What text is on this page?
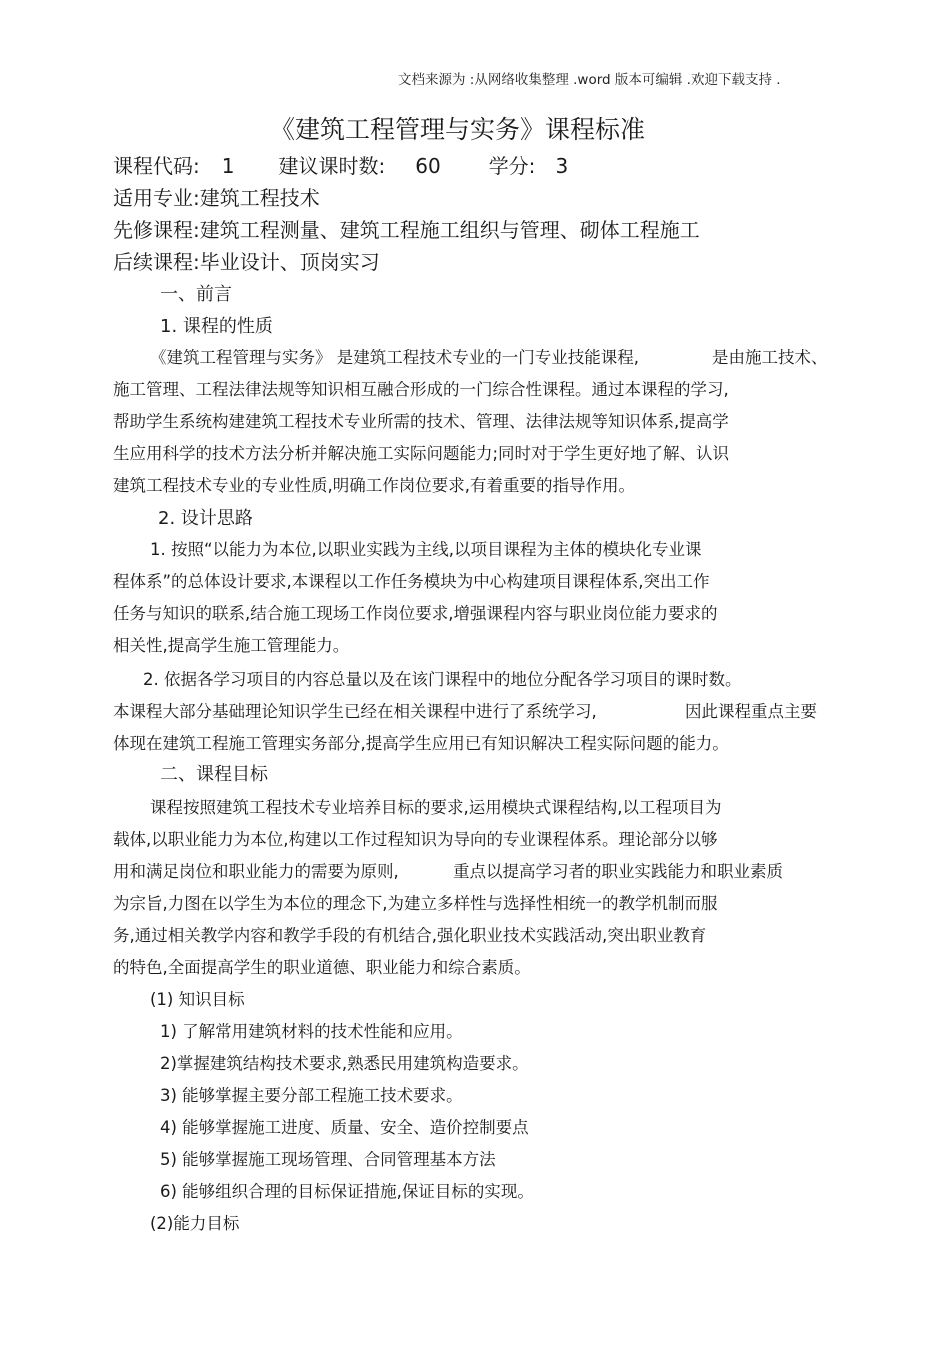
文档来源为 :从网络收集整理 .word 版本可编辑 .欢迎下载支持 .
《建筑工程管理与实务》课程标准
课程代码: 1 建议课时数: 60 学分: 3
适用专业:建筑工程技术
先修课程:建筑工程测量、建筑工程施工组织与管理、砌体工程施工
后续课程:毕业设计、顶岗实习
一、前言
1. 课程的性质
《建筑工程管理与实务》 是建筑工程技术专业的一门专业技能课程,	是由施工技术、
施工管理、工程法律法规等知识相互融合形成的一门综合性课程。通过本课程的学习,
帮助学生系统构建建筑工程技术专业所需的技术、管理、法律法规等知识体系,提高学
生应用科学的技术方法分析并解决施工实际问题能力;同时对于学生更好地了解、认识
建筑工程技术专业的专业性质,明确工作岗位要求,有着重要的指导作用。
2. 设计思路
1. 按照“以能力为本位,以职业实践为主线,以项目课程为主体的模块化专业课
程体系”的总体设计要求,本课程以工作任务模块为中心构建项目课程体系,突出工作
任务与知识的联系,结合施工现场工作岗位要求,增强课程内容与职业岗位能力要求的
相关性,提高学生施工管理能力。
2. 依据各学习项目的内容总量以及在该门课程中的地位分配各学习项目的课时数。
本课程大部分基础理论知识学生已经在相关课程中进行了系统学习,	因此课程重点主要
体现在建筑工程施工管理实务部分,提高学生应用已有知识解决工程实际问题的能力。
二、课程目标
课程按照建筑工程技术专业培养目标的要求,运用模块式课程结构,以工程项目为
载体,以职业能力为本位,构建以工作过程知识为导向的专业课程体系。理论部分以够
用和满足岗位和职业能力的需要为原则,	重点以提高学习者的职业实践能力和职业素质
为宗旨,力图在以学生为本位的理念下,为建立多样性与选择性相统一的教学机制而服
务,通过相关教学内容和教学手段的有机结合,强化职业技术实践活动,突出职业教育
的特色,全面提高学生的职业道德、职业能力和综合素质。
(1) 知识目标
1) 了解常用建筑材料的技术性能和应用。
2)掌握建筑结构技术要求,熟悉民用建筑构造要求。
3) 能够掌握主要分部工程施工技术要求。
4) 能够掌握施工进度、质量、安全、造价控制要点
5) 能够掌握施工现场管理、合同管理基本方法
6) 能够组织合理的目标保证措施,保证目标的实现。
(2)能力目标
